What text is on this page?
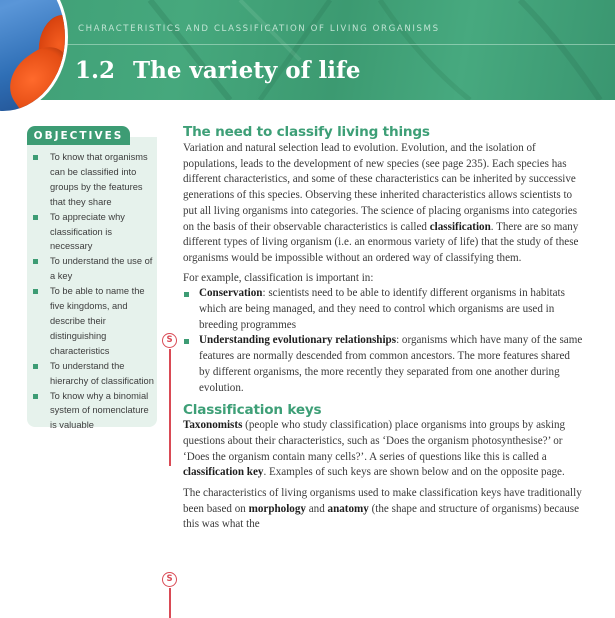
CHARACTERISTICS AND CLASSIFICATION OF LIVING ORGANISMS
1.2 The variety of life
OBJECTIVES
To know that organisms can be classified into groups by the features that they share
To appreciate why classification is necessary
To understand the use of a key
To be able to name the five kingdoms, and describe their distinguishing characteristics
To understand the hierarchy of classification
To know why a binomial system of nomenclature is valuable
S
S
The need to classify living things

Variation and natural selection lead to evolution. Evolution, and the isolation of populations, leads to the development of new species (see page 235). Each species has different characteristics, and some of these characteristics can be inherited by successive generations of this species. Observing these inherited characteristics allows scientists to put all living organisms into categories. The science of placing organisms into categories on the basis of their observable characteristics is called classification. There are so many different types of living organism (i.e. an enormous variety of life) that the study of these organisms would be impossible without an ordered way of classifying them.

For example, classification is important in:

Conservation: scientists need to be able to identify different organisms in habitats which are being managed, and they need to control which organisms are used in breeding programmes
Understanding evolutionary relationships: organisms which have many of the same features are normally descended from common ancestors. The more features shared by different organisms, the more recently they separated from one another during evolution.
Classification keys

Taxonomists (people who study classification) place organisms into groups by asking questions about their characteristics, such as ‘Does the organism photosynthesise?’ or ‘Does the organism contain many cells?’. A series of questions like this is called a classification key. Examples of such keys are shown below and on the opposite page.

The characteristics of living organisms used to make classification keys have traditionally been based on morphology and anatomy (the shape and structure of organisms) because this was what the
